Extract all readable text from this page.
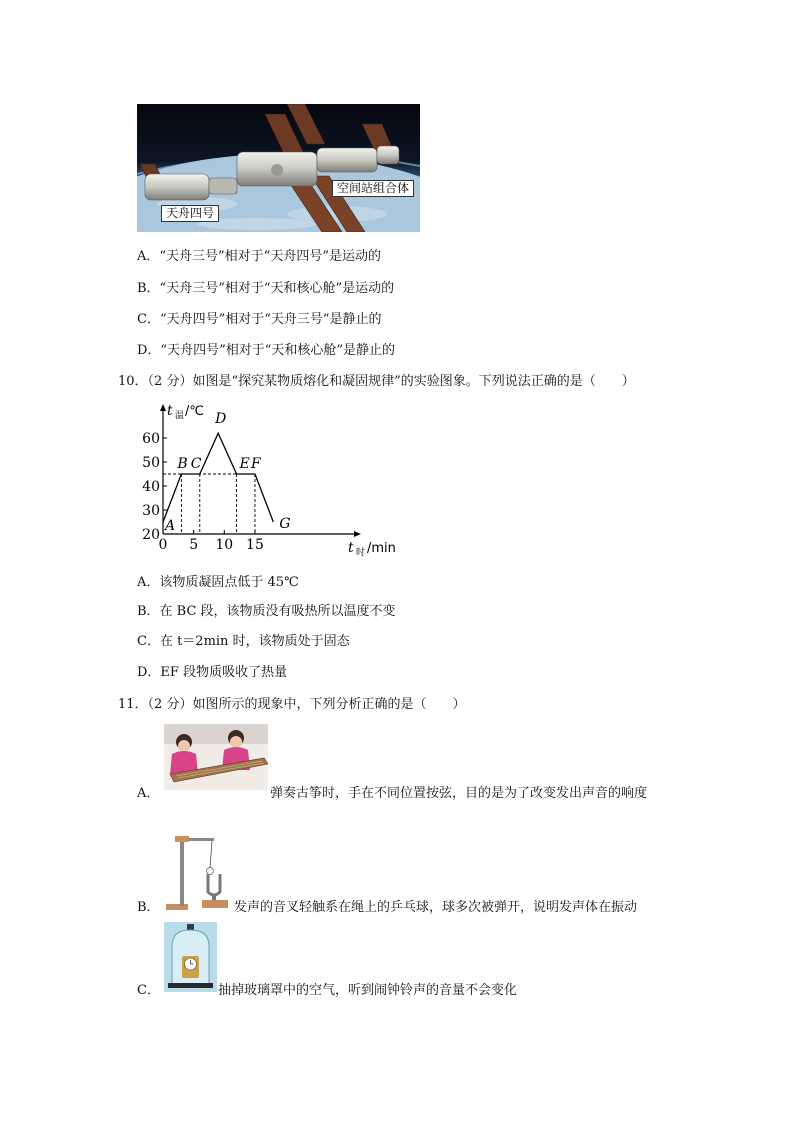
空间站组合体
天舟四号
A．“天舟三号”相对于“天舟四号”是运动的
B．“天舟三号”相对于“天和核心舱”是运动的
C．“天舟四号”相对于“天舟三号”是静止的
D．“天舟四号”相对于“天和核心舱”是静止的
10．（2 分）如图是“探究某物质熔化和凝固规律”的实验图象。下列说法正确的是（　　）
20
30
40
50
60
0 5 10 15
A
B C
D
E F
G
t 温 /℃
t 时 /min
A．该物质凝固点低于 45℃
B．在 BC 段，该物质没有吸热所以温度不变
C．在 t＝2min 时，该物质处于固态
D．EF 段物质吸收了热量
11．（2 分）如图所示的现象中，下列分析正确的是（　　）
A．	弹奏古筝时，手在不同位置按弦，目的是为了改变发出声音的响度
B．	发声的音叉轻触系在绳上的乒乓球，球多次被弹开，说明发声体在振动
C．	抽掉玻璃罩中的空气，听到闹钟铃声的音量不会变化
